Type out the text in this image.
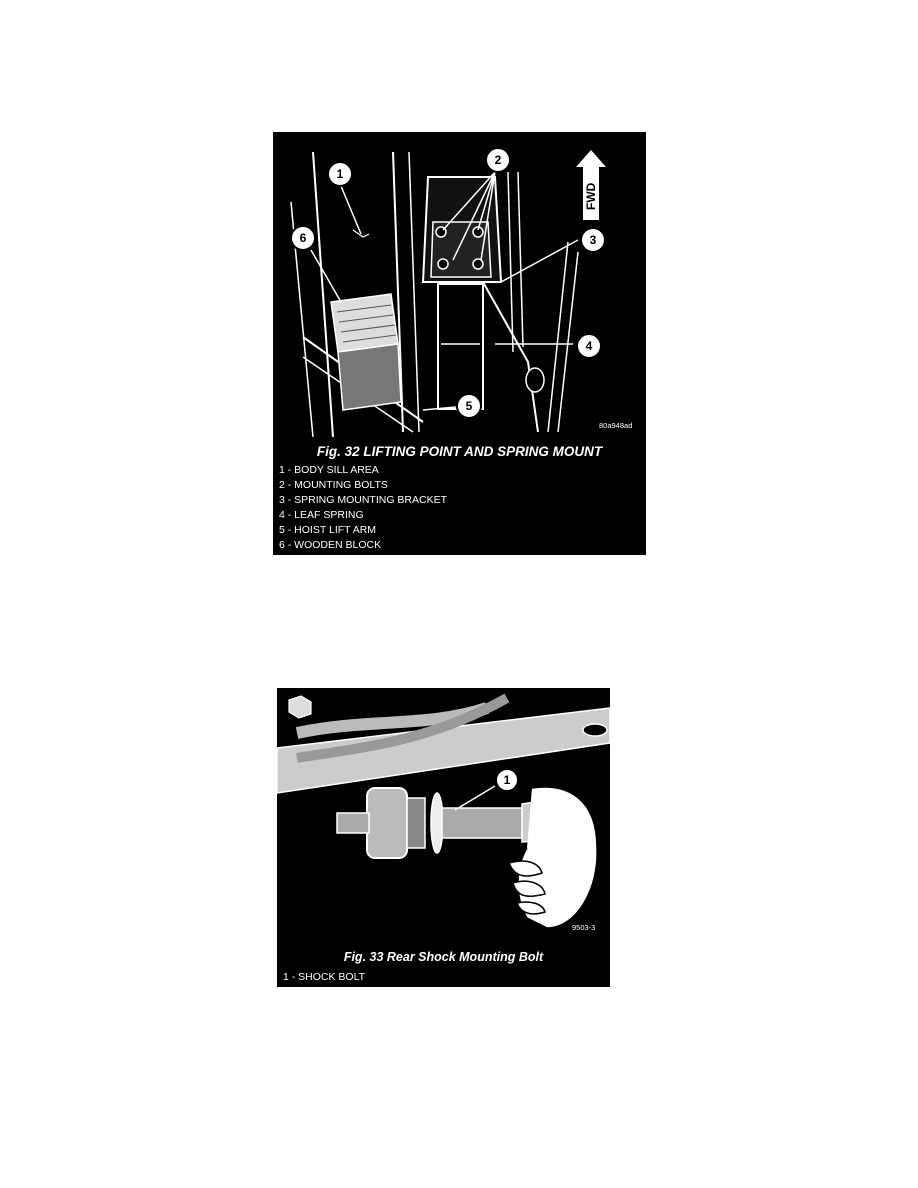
FWD
1
2
3
4
5
6
80a948ad
Fig. 32 LIFTING POINT AND SPRING MOUNT
1 - BODY SILL AREA
2 - MOUNTING BOLTS
3 - SPRING MOUNTING BRACKET
4 - LEAF SPRING
5 - HOIST LIFT ARM
6 - WOODEN BLOCK
1
9503-3
Fig. 33 Rear Shock Mounting Bolt
1 - SHOCK BOLT
